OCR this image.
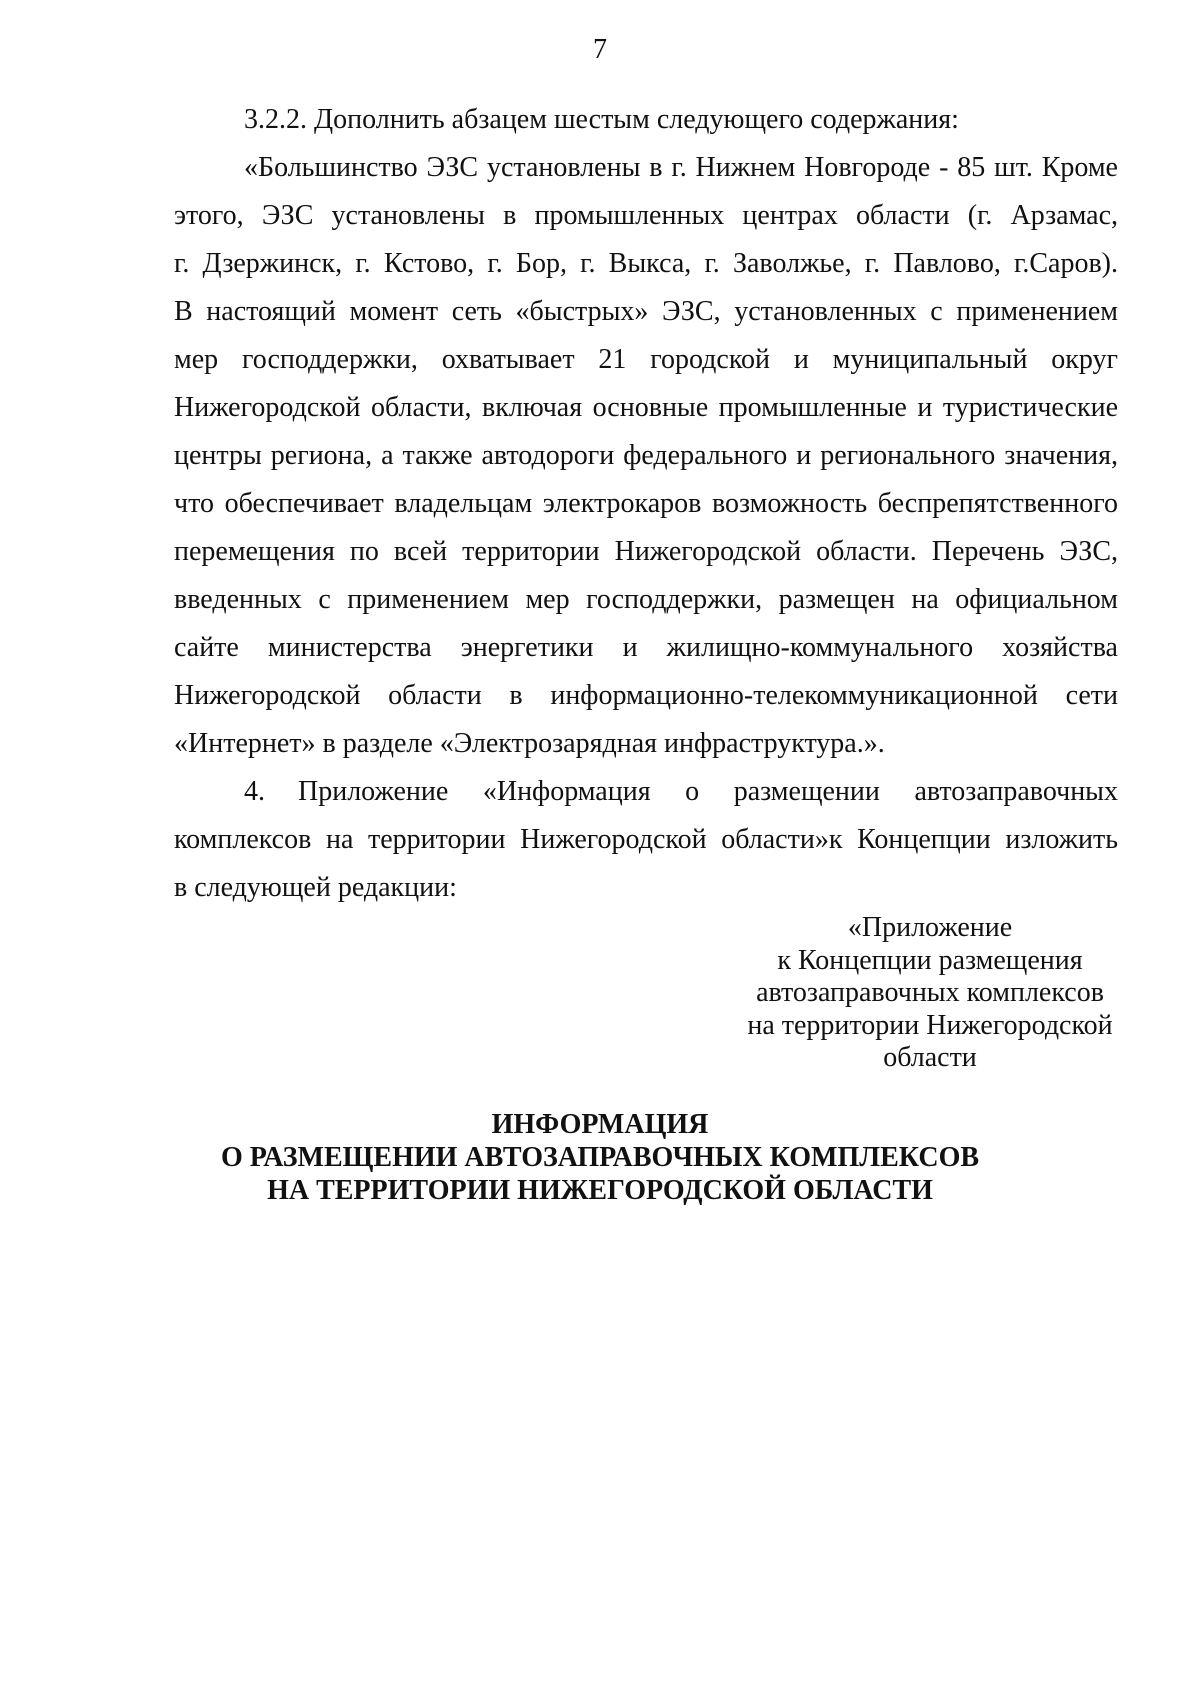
7
3.2.2. Дополнить абзацем шестым следующего содержания:
«Большинство ЭЗС установлены в г. Нижнем Новгороде - 85 шт. Кроме
этого, ЭЗС установлены в промышленных центрах области (г. Арзамас,
г. Дзержинск, г. Кстово, г. Бор, г. Выкса, г. Заволжье, г. Павлово, г.Саров).
В настоящий момент сеть «быстрых» ЭЗС, установленных с применением
мер господдержки, охватывает 21 городской и муниципальный округ
Нижегородской области, включая основные промышленные и туристические
центры региона, а также автодороги федерального и регионального значения,
что обеспечивает владельцам электрокаров возможность беспрепятственного
перемещения по всей территории Нижегородской области. Перечень ЭЗС,
введенных с применением мер господдержки, размещен на официальном
сайте министерства энергетики и жилищно-коммунального хозяйства
Нижегородской области в информационно-телекоммуникационной сети
«Интернет» в разделе «Электрозарядная инфраструктура.».
4. Приложение «Информация о размещении автозаправочных
комплексов на территории Нижегородской области»к Концепции изложить
в следующей редакции:
«Приложение
к Концепции размещения
автозаправочных комплексов
на территории Нижегородской
области
ИНФОРМАЦИЯ
О РАЗМЕЩЕНИИ АВТОЗАПРАВОЧНЫХ КОМПЛЕКСОВ
НА ТЕРРИТОРИИ НИЖЕГОРОДСКОЙ ОБЛАСТИ
